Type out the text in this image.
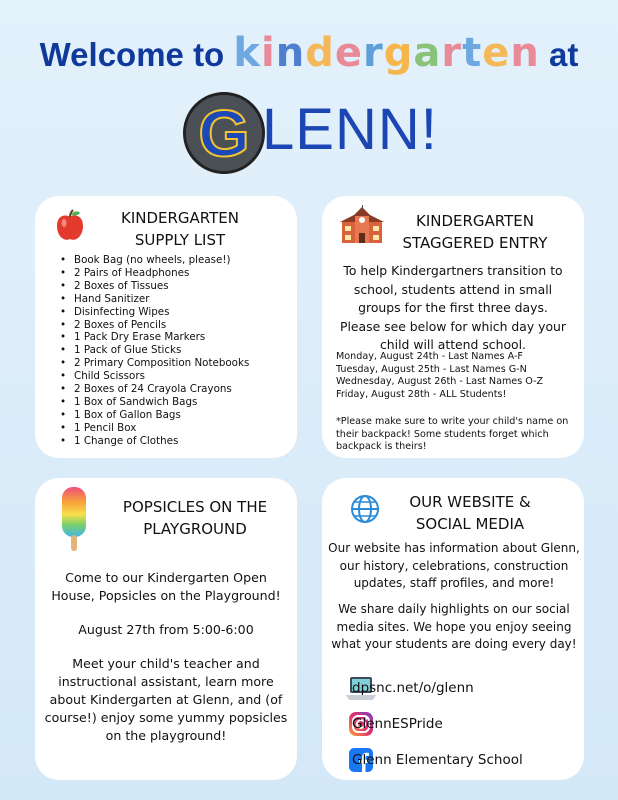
Welcome to kindergarten at
G LENN!
KINDERGARTEN
SUPPLY LIST
• Book Bag (no wheels, please!)
• 2 Pairs of Headphones
• 2 Boxes of Tissues
• Hand Sanitizer
• Disinfecting Wipes
• 2 Boxes of Pencils
• 1 Pack Dry Erase Markers
• 1 Pack of Glue Sticks
• 2 Primary Composition Notebooks
• Child Scissors
• 2 Boxes of 24 Crayola Crayons
• 1 Box of Sandwich Bags
• 1 Box of Gallon Bags
• 1 Pencil Box
• 1 Change of Clothes
KINDERGARTEN
STAGGERED ENTRY
To help Kindergartners transition to
school, students attend in small
groups for the first three days.
Please see below for which day your
child will attend school.
Monday, August 24th - Last Names A-F
Tuesday, August 25th - Last Names G-N
Wednesday, August 26th - Last Names O-Z
Friday, August 28th - ALL Students!
*Please make sure to write your child's name on
their backpack! Some students forget which
backpack is theirs!
POPSICLES ON THE
PLAYGROUND
Come to our Kindergarten Open
House, Popsicles on the Playground!
August 27th from 5:00-6:00
Meet your child's teacher and
instructional assistant, learn more
about Kindergarten at Glenn, and (of
course!) enjoy some yummy popsicles
on the playground!
OUR WEBSITE &
SOCIAL MEDIA
Our website has information about Glenn,
our history, celebrations, construction
updates, staff profiles, and more!
We share daily highlights on our social
media sites. We hope you enjoy seeing
what your students are doing every day!
dpsnc.net/o/glenn
GlennESPride
Glenn Elementary School
